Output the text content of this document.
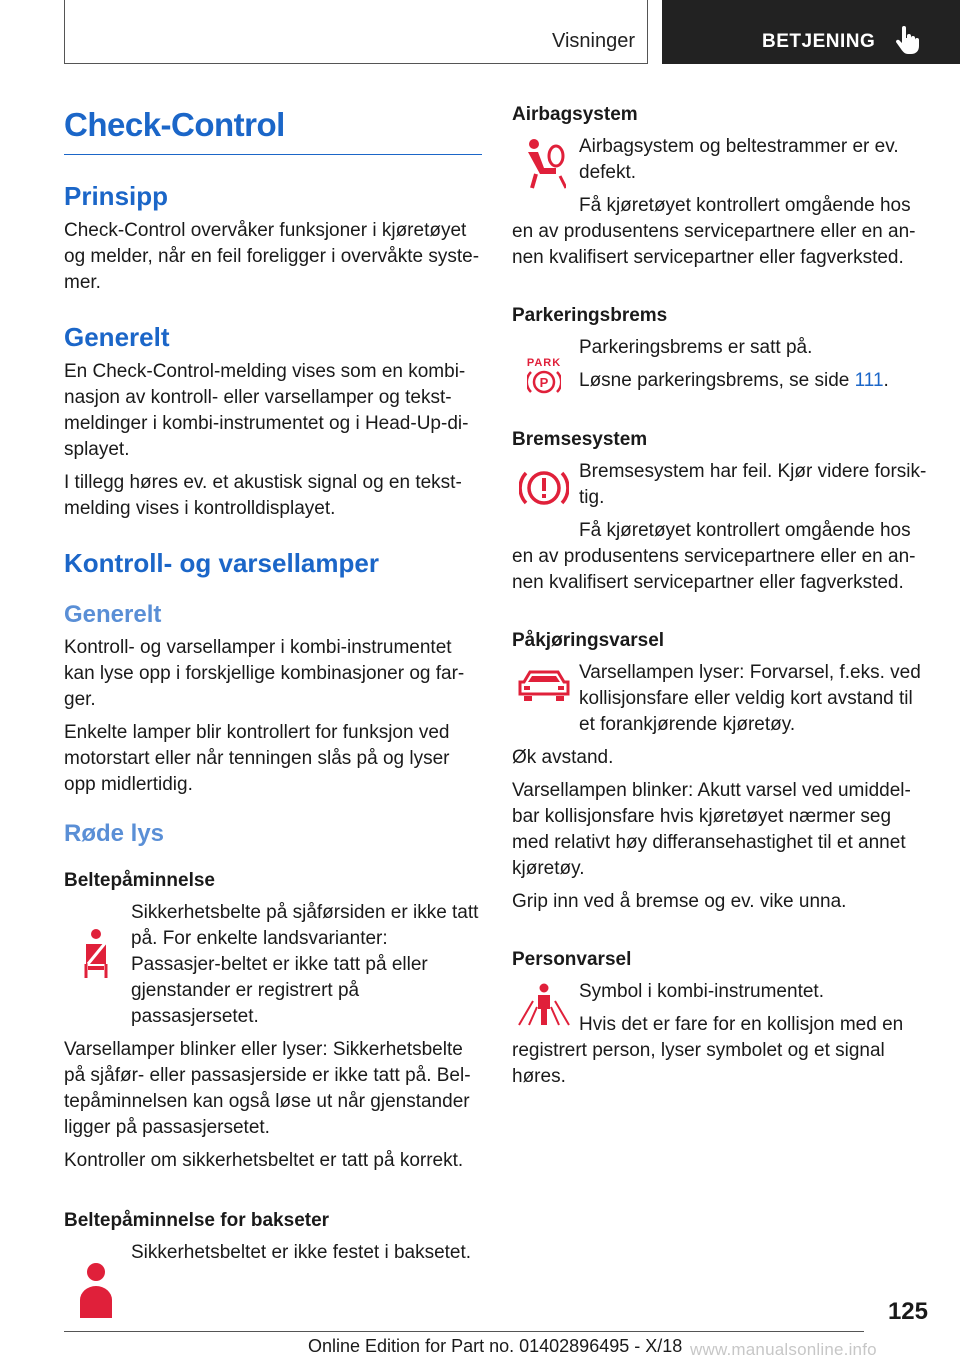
Visninger	BETJENING
Check-Control
Prinsipp

Check-Control overvåker funksjoner i kjøretøyet og melder, når en feil foreligger i overvåkte syste-mer.

Generelt

En Check-Control-melding vises som en kombi-nasjon av kontroll- eller varsellamper og tekst-meldinger i kombi-instrumentet og i Head-Up-di-splayet.

I tillegg høres ev. et akustisk signal og en tekst-melding vises i kontrolldisplayet.

Kontroll- og varsellamper
Generelt

Kontroll- og varsellamper i kombi-instrumentet kan lyse opp i forskjellige kombinasjoner og far-ger.

Enkelte lamper blir kontrollert for funksjon ved motorstart eller når tenningen slås på og lyser opp midlertidig.

Røde lys
Beltepåminnelse

Sikkerhetsbelte på sjåførsiden er ikke tatt på. For enkelte landsvarianter: Passasjer-beltet er ikke tatt på eller gjenstander er registrert på passasjersetet.

Varsellamper blinker eller lyser: Sikkerhetsbelte på sjåfør- eller passasjerside er ikke tatt på. Bel-tepåminnelsen kan også løse ut når gjenstander ligger på passasjersetet.

Kontroller om sikkerhetsbeltet er tatt på korrekt.

Beltepåminnelse for bakseter

Sikkerhetsbeltet er ikke festet i baksetet.

Airbagsystem

Airbagsystem og beltestrammer er ev. defekt.

Få kjøretøyet kontrollert omgående hos en av produsentens servicepartnere eller en an-nen kvalifisert servicepartner eller fagverksted.

Parkeringsbrems
PARK
P

Parkeringsbrems er satt på.

Løsne parkeringsbrems, se side 111.

Bremsesystem

Bremsesystem har feil. Kjør videre forsik-tig.

Få kjøretøyet kontrollert omgående hos en av produsentens servicepartnere eller en an-nen kvalifisert servicepartner eller fagverksted.

Påkjøringsvarsel

Varsellampen lyser: Forvarsel, f.eks. ved kollisjonsfare eller veldig kort avstand til et forankjørende kjøretøy.

Øk avstand.

Varsellampen blinker: Akutt varsel ved umiddel-bar kollisjonsfare hvis kjøretøyet nærmer seg med relativt høy differansehastighet til et annet kjøretøy.

Grip inn ved å bremse og ev. vike unna.

Personvarsel

Symbol i kombi-instrumentet.

Hvis det er fare for en kollisjon med en registrert person, lyser symbolet og et signal høres.

125
Online Edition for Part no. 01402896495 - X/18 www.manualsonline.info
